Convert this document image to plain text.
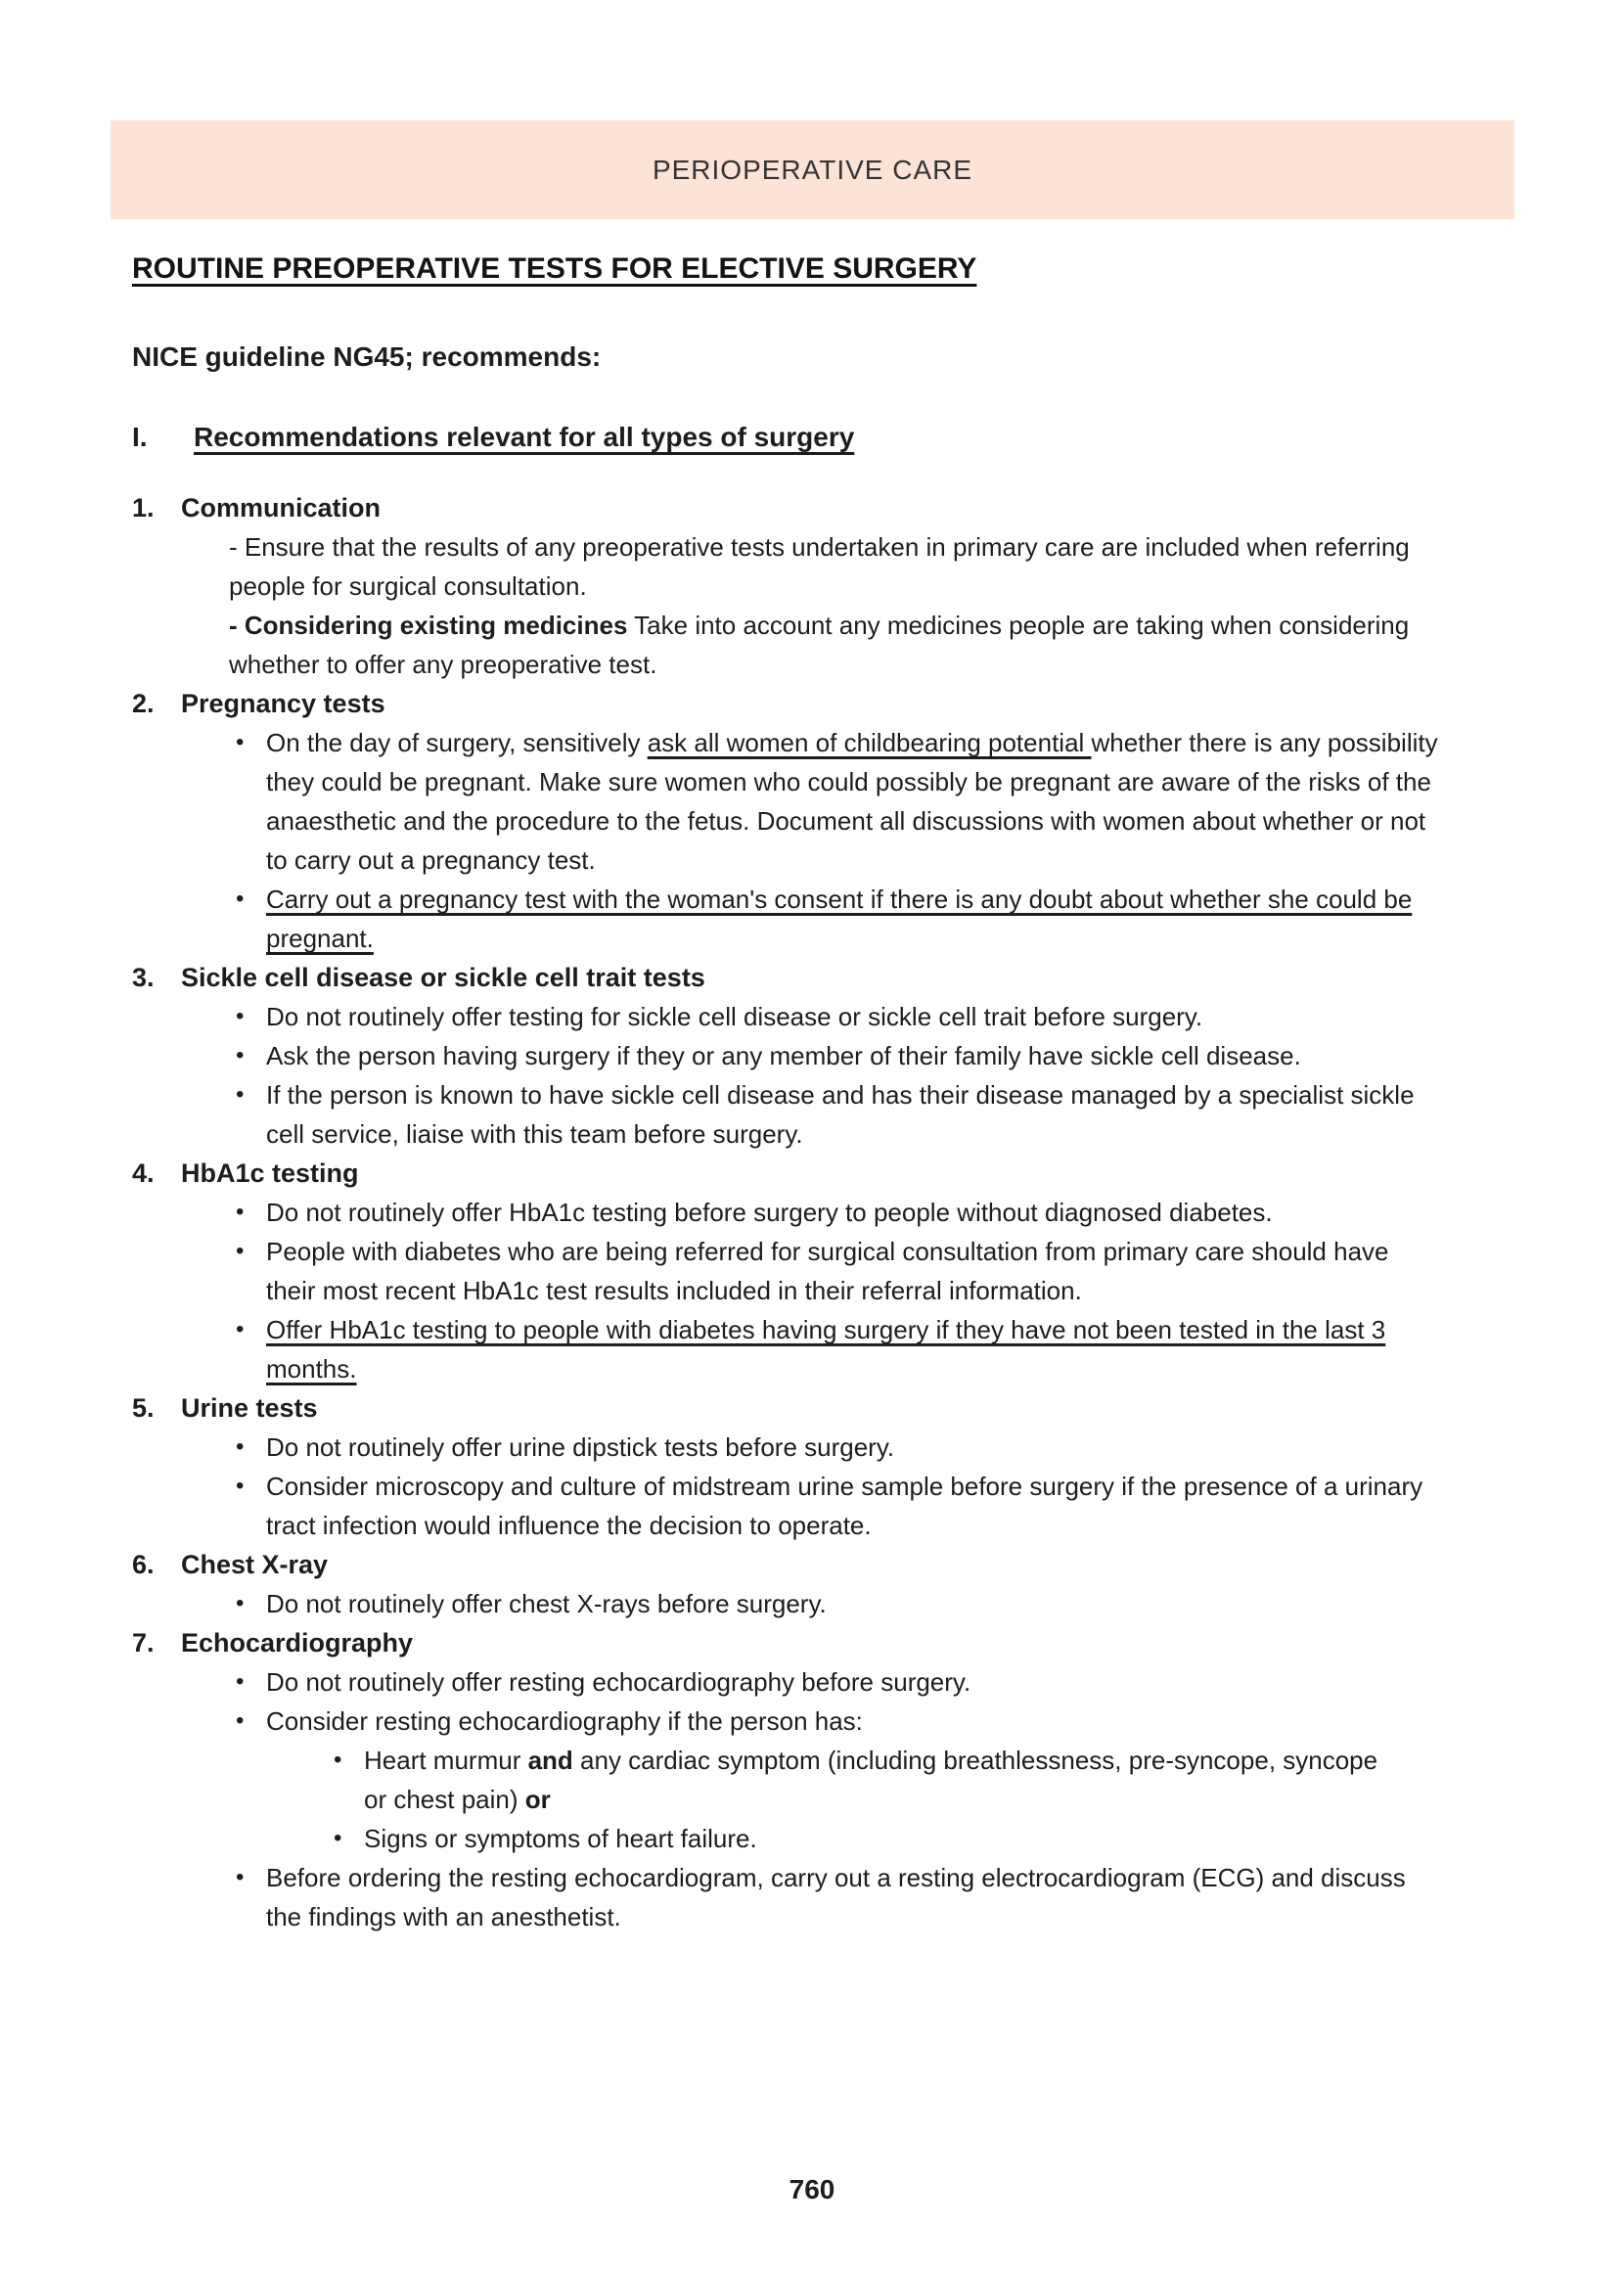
PERIOPERATIVE CARE
ROUTINE PREOPERATIVE TESTS FOR ELECTIVE SURGERY

NICE guideline NG45; recommends:

I.	Recommendations relevant for all types of surgery
1.	Communication

- Ensure that the results of any preoperative tests undertaken in primary care are included when referring people for surgical consultation.

- Considering existing medicines Take into account any medicines people are taking when considering whether to offer any preoperative test.

2.	Pregnancy tests
• On the day of surgery, sensitively ask all women of childbearing potential whether there is any possibility they could be pregnant. Make sure women who could possibly be pregnant are aware of the risks of the anaesthetic and the procedure to the fetus. Document all discussions with women about whether or not to carry out a pregnancy test.
• Carry out a pregnancy test with the woman's consent if there is any doubt about whether she could be pregnant.
3.	Sickle cell disease or sickle cell trait tests
• Do not routinely offer testing for sickle cell disease or sickle cell trait before surgery.
• Ask the person having surgery if they or any member of their family have sickle cell disease.
• If the person is known to have sickle cell disease and has their disease managed by a specialist sickle cell service, liaise with this team before surgery.
4.	HbA1c testing
• Do not routinely offer HbA1c testing before surgery to people without diagnosed diabetes.
• People with diabetes who are being referred for surgical consultation from primary care should have their most recent HbA1c test results included in their referral information.
• Offer HbA1c testing to people with diabetes having surgery if they have not been tested in the last 3 months.
5.	Urine tests
• Do not routinely offer urine dipstick tests before surgery.
• Consider microscopy and culture of midstream urine sample before surgery if the presence of a urinary tract infection would influence the decision to operate.
6.	Chest X-ray
• Do not routinely offer chest X-rays before surgery.
7.	Echocardiography
• Do not routinely offer resting echocardiography before surgery.
• Consider resting echocardiography if the person has:
• Heart murmur and any cardiac symptom (including breathlessness, pre-syncope, syncope or chest pain) or
• Signs or symptoms of heart failure.
• Before ordering the resting echocardiogram, carry out a resting electrocardiogram (ECG) and discuss the findings with an anesthetist.
760
